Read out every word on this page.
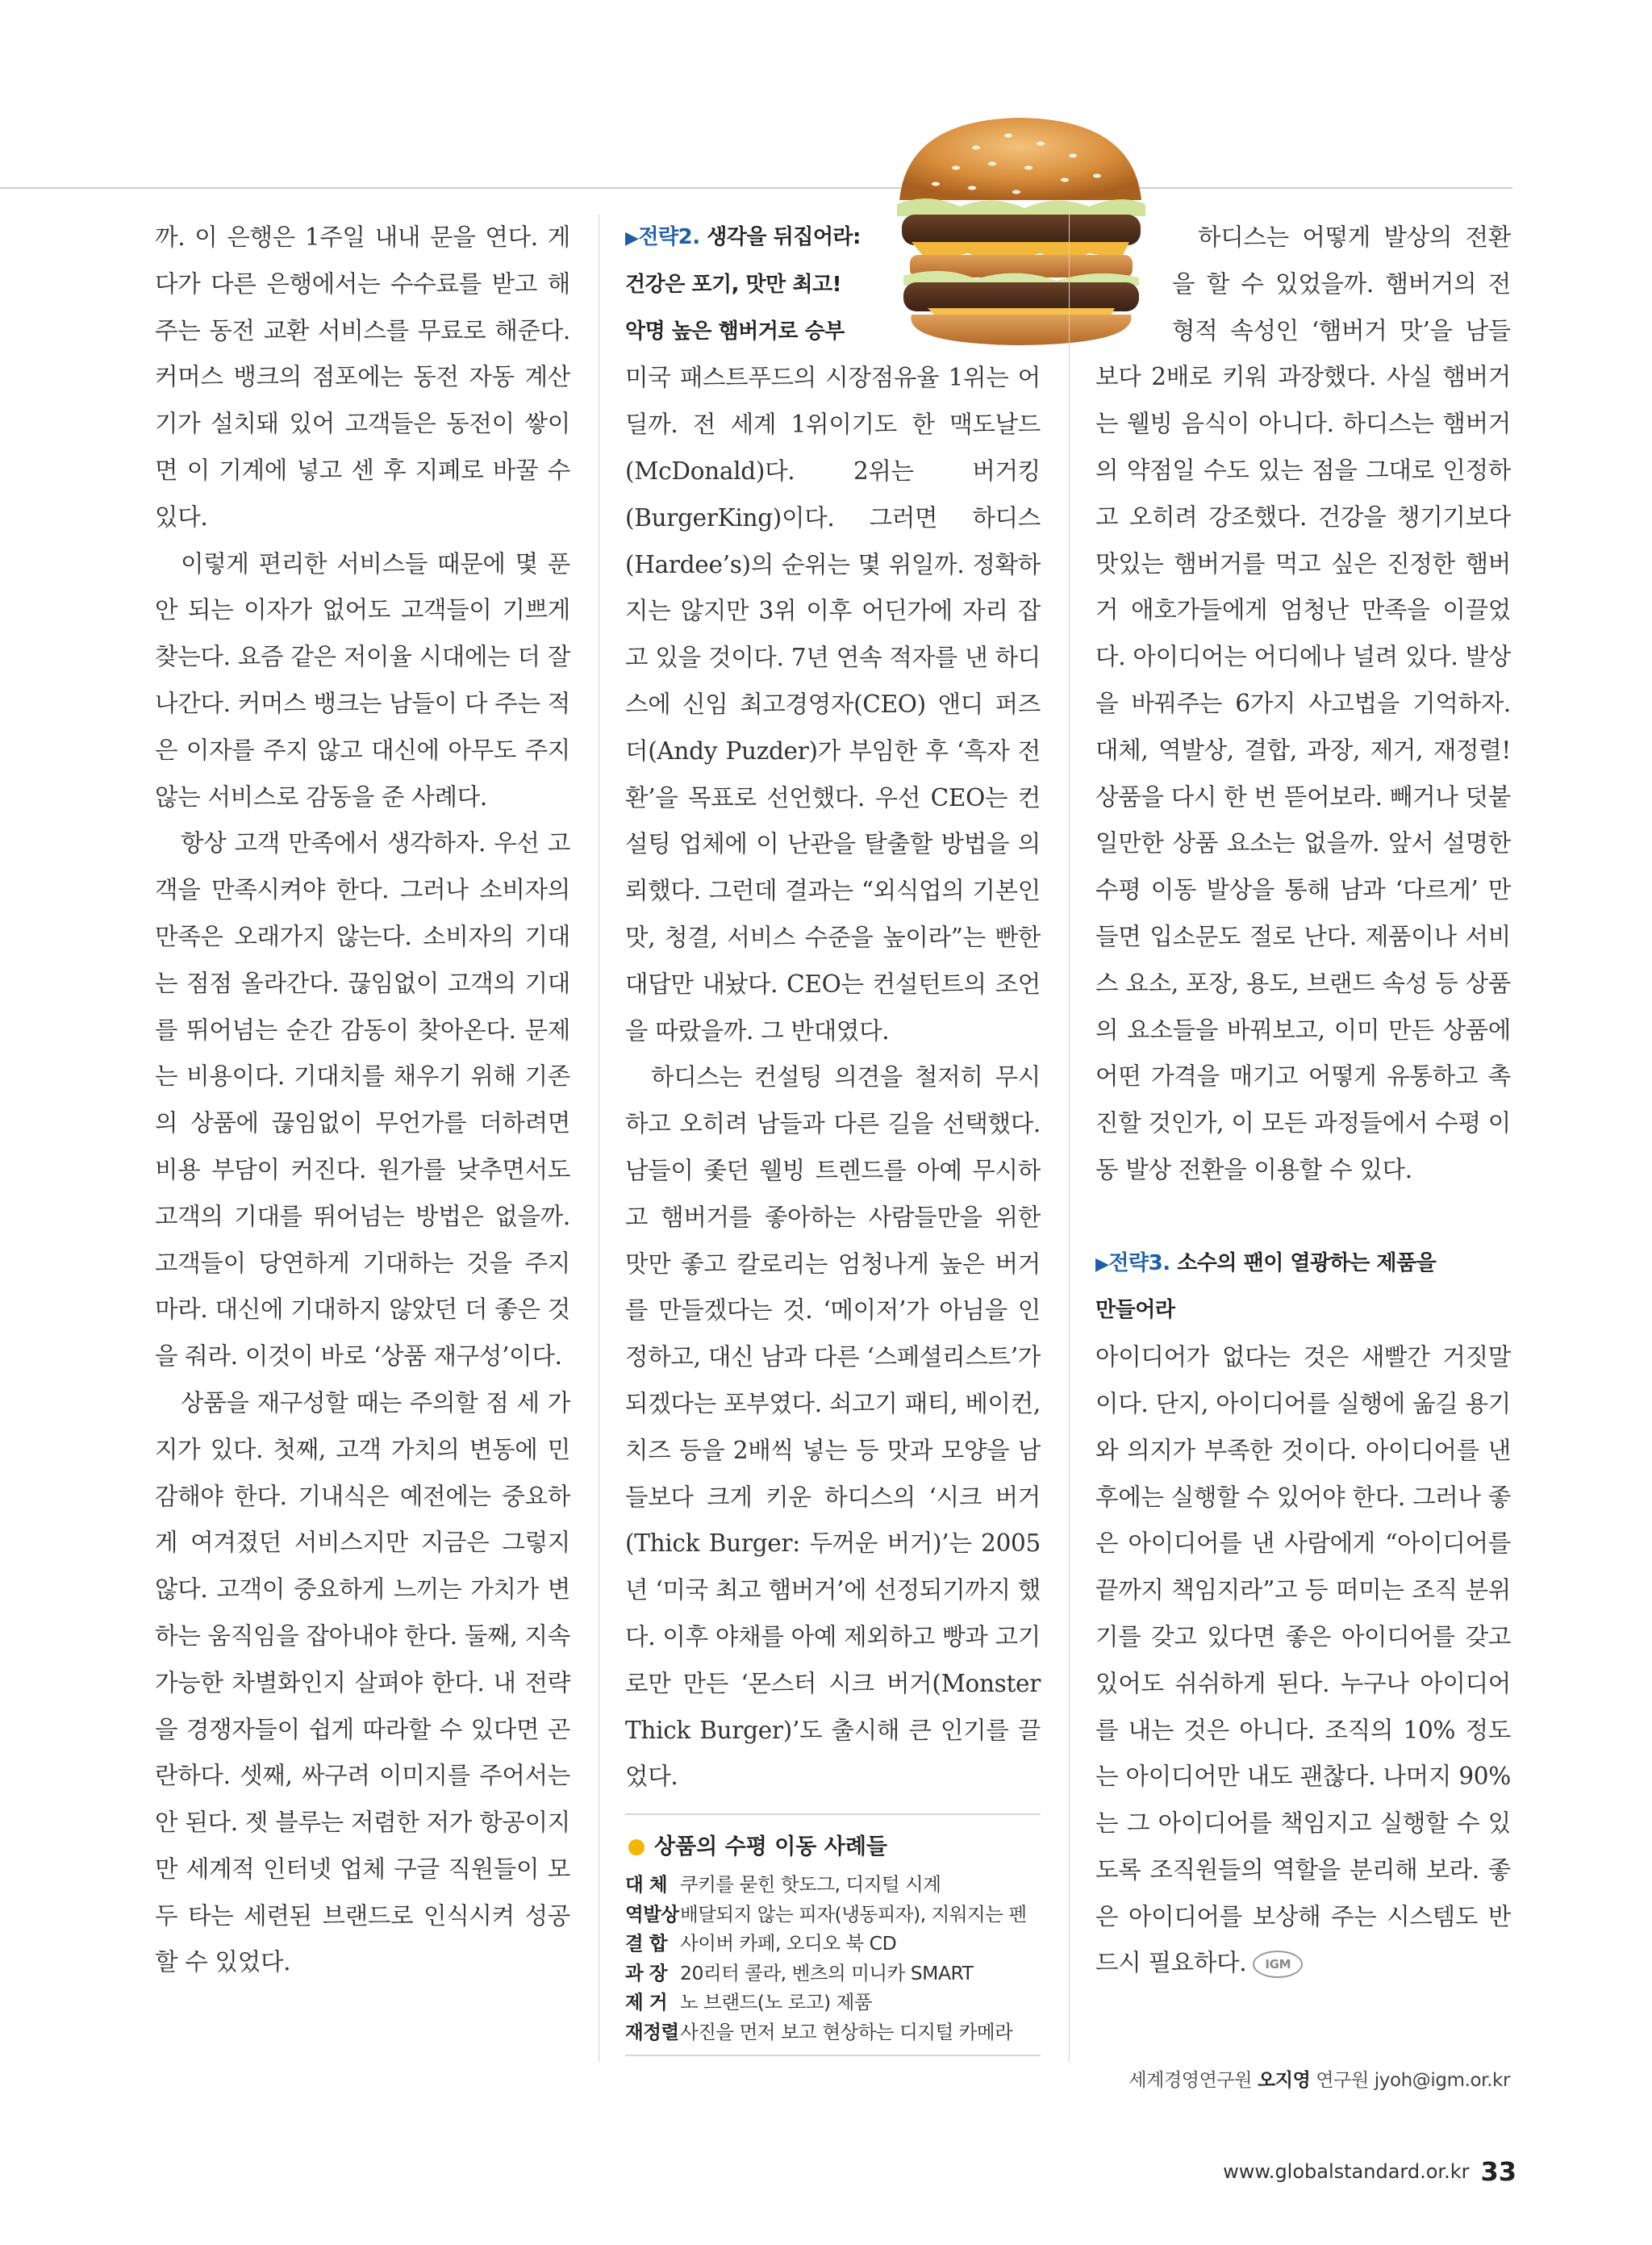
까. 이 은행은 1주일 내내 문을 연다. 게다가 다른 은행에서는 수수료를 받고 해 주는 동전 교환 서비스를 무료로 해준다. 커머스 뱅크의 점포에는 동전 자동 계산기가 설치돼 있어 고객들은 동전이 쌓이면 이 기계에 넣고 센 후 지폐로 바꿀 수 있다.

이렇게 편리한 서비스들 때문에 몇 푼 안 되는 이자가 없어도 고객들이 기쁘게 찾는다. 요즘 같은 저이율 시대에는 더 잘나간다. 커머스 뱅크는 남들이 다 주는 적은 이자를 주지 않고 대신에 아무도 주지 않는 서비스로 감동을 준 사례다.

항상 고객 만족에서 생각하자. 우선 고객을 만족시켜야 한다. 그러나 소비자의 만족은 오래가지 않는다. 소비자의 기대는 점점 올라간다. 끊임없이 고객의 기대를 뛰어넘는 순간 감동이 찾아온다. 문제는 비용이다. 기대치를 채우기 위해 기존의 상품에 끊임없이 무언가를 더하려면 비용 부담이 커진다. 원가를 낮추면서도 고객의 기대를 뛰어넘는 방법은 없을까. 고객들이 당연하게 기대하는 것을 주지 마라. 대신에 기대하지 않았던 더 좋은 것을 줘라. 이것이 바로 ‘상품 재구성’이다.

상품을 재구성할 때는 주의할 점 세 가지가 있다. 첫째, 고객 가치의 변동에 민감해야 한다. 기내식은 예전에는 중요하게 여겨졌던 서비스지만 지금은 그렇지 않다. 고객이 중요하게 느끼는 가치가 변하는 움직임을 잡아내야 한다. 둘째, 지속 가능한 차별화인지 살펴야 한다. 내 전략을 경쟁자들이 쉽게 따라할 수 있다면 곤란하다. 셋째, 싸구려 이미지를 주어서는 안 된다. 젯 블루는 저렴한 저가 항공이지만 세계적 인터넷 업체 구글 직원들이 모두 타는 세련된 브랜드로 인식시켜 성공할 수 있었다.

▶전략2. 생각을 뒤집어라:
건강은 포기, 맛만 최고!
악명 높은 햄버거로 승부

미국 패스트푸드의 시장점유율 1위는 어딜까. 전 세계 1위이기도 한 맥도날드(McDonald)다. 2위는 버거킹(BurgerKing)이다. 그러면 하디스(Hardee’s)의 순위는 몇 위일까. 정확하지는 않지만 3위 이후 어딘가에 자리 잡고 있을 것이다. 7년 연속 적자를 낸 하디스에 신임 최고경영자(CEO) 앤디 퍼즈더(Andy Puzder)가 부임한 후 ‘흑자 전환’을 목표로 선언했다. 우선 CEO는 컨설팅 업체에 이 난관을 탈출할 방법을 의뢰했다. 그런데 결과는 “외식업의 기본인 맛, 청결, 서비스 수준을 높이라”는 빤한 대답만 내놨다. CEO는 컨설턴트의 조언을 따랐을까. 그 반대였다.

하디스는 컨설팅 의견을 철저히 무시하고 오히려 남들과 다른 길을 선택했다. 남들이 좇던 웰빙 트렌드를 아예 무시하고 햄버거를 좋아하는 사람들만을 위한 맛만 좋고 칼로리는 엄청나게 높은 버거를 만들겠다는 것. ‘메이저’가 아님을 인정하고, 대신 남과 다른 ‘스페셜리스트’가 되겠다는 포부였다. 쇠고기 패티, 베이컨, 치즈 등을 2배씩 넣는 등 맛과 모양을 남들보다 크게 키운 하디스의 ‘시크 버거(Thick Burger: 두꺼운 버거)’는 2005년 ‘미국 최고 햄버거’에 선정되기까지 했다. 이후 야채를 아예 제외하고 빵과 고기로만 만든 ‘몬스터 시크 버거(Monster Thick Burger)’도 출시해 큰 인기를 끌었다.

상품의 수평 이동 사례들
대 체 쿠키를 묻힌 핫도그, 디지털 시계
역발상 배달되지 않는 피자(냉동피자), 지워지는 펜
결 합 사이버 카페, 오디오 북 CD
과 장 20리터 콜라, 벤츠의 미니카 SMART
제 거 노 브랜드(노 로고) 제품
재정렬 사진을 먼저 보고 현상하는 디지털 카메라

하디스는 어떻게 발상의 전환을 할 수 있었을까. 햄버거의 전형적 속성인 ‘햄버거 맛’을 남들보다 2배로 키워 과장했다. 사실 햄버거는 웰빙 음식이 아니다. 하디스는 햄버거의 약점일 수도 있는 점을 그대로 인정하고 오히려 강조했다. 건강을 챙기기보다 맛있는 햄버거를 먹고 싶은 진정한 햄버거 애호가들에게 엄청난 만족을 이끌었다. 아이디어는 어디에나 널려 있다. 발상을 바꿔주는 6가지 사고법을 기억하자. 대체, 역발상, 결합, 과장, 제거, 재정렬! 상품을 다시 한 번 뜯어보라. 빼거나 덧붙일만한 상품 요소는 없을까. 앞서 설명한 수평 이동 발상을 통해 남과 ‘다르게’ 만들면 입소문도 절로 난다. 제품이나 서비스 요소, 포장, 용도, 브랜드 속성 등 상품의 요소들을 바꿔보고, 이미 만든 상품에 어떤 가격을 매기고 어떻게 유통하고 촉진할 것인가, 이 모든 과정들에서 수평 이동 발상 전환을 이용할 수 있다.

▶전략3. 소수의 팬이 열광하는 제품을
만들어라

아이디어가 없다는 것은 새빨간 거짓말이다. 단지, 아이디어를 실행에 옮길 용기와 의지가 부족한 것이다. 아이디어를 낸 후에는 실행할 수 있어야 한다. 그러나 좋은 아이디어를 낸 사람에게 “아이디어를 끝까지 책임지라”고 등 떠미는 조직 분위기를 갖고 있다면 좋은 아이디어를 갖고 있어도 쉬쉬하게 된다. 누구나 아이디어를 내는 것은 아니다. 조직의 10% 정도는 아이디어만 내도 괜찮다. 나머지 90%는 그 아이디어를 책임지고 실행할 수 있도록 조직원들의 역할을 분리해 보라. 좋은 아이디어를 보상해 주는 시스템도 반드시 필요하다. IGM

세계경영연구원 오지영 연구원 jyoh@igm.or.kr
www.globalstandard.or.kr 33
